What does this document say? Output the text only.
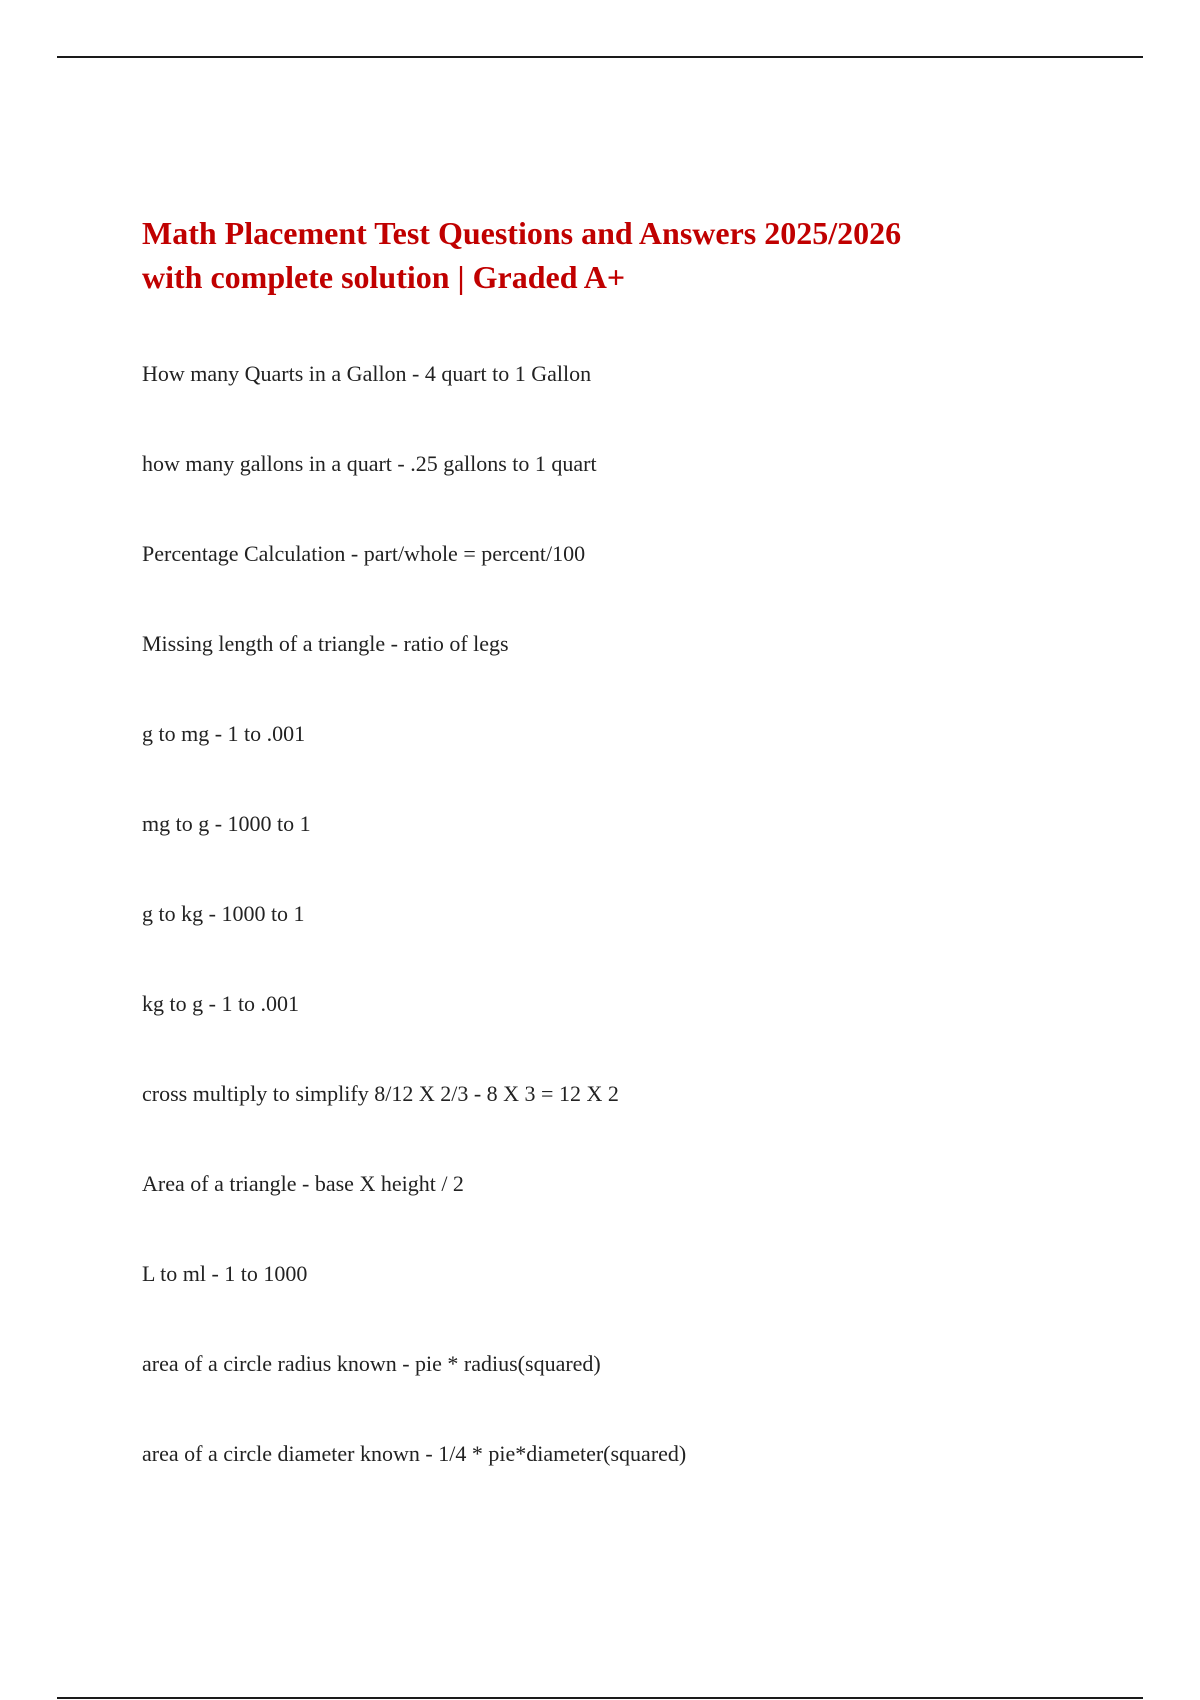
Math Placement Test Questions and Answers 2025/2026
with complete solution | Graded A+
How many Quarts in a Gallon - 4 quart to 1 Gallon
how many gallons in a quart - .25 gallons to 1 quart
Percentage Calculation - part/whole = percent/100
Missing length of a triangle - ratio of legs
g to mg - 1 to .001
mg to g - 1000 to 1
g to kg - 1000 to 1
kg to g - 1 to .001
cross multiply to simplify 8/12 X 2/3 - 8 X 3 = 12 X 2
Area of a triangle - base X height / 2
L to ml - 1 to 1000
area of a circle radius known - pie * radius(squared)
area of a circle diameter known - 1/4 * pie*diameter(squared)
